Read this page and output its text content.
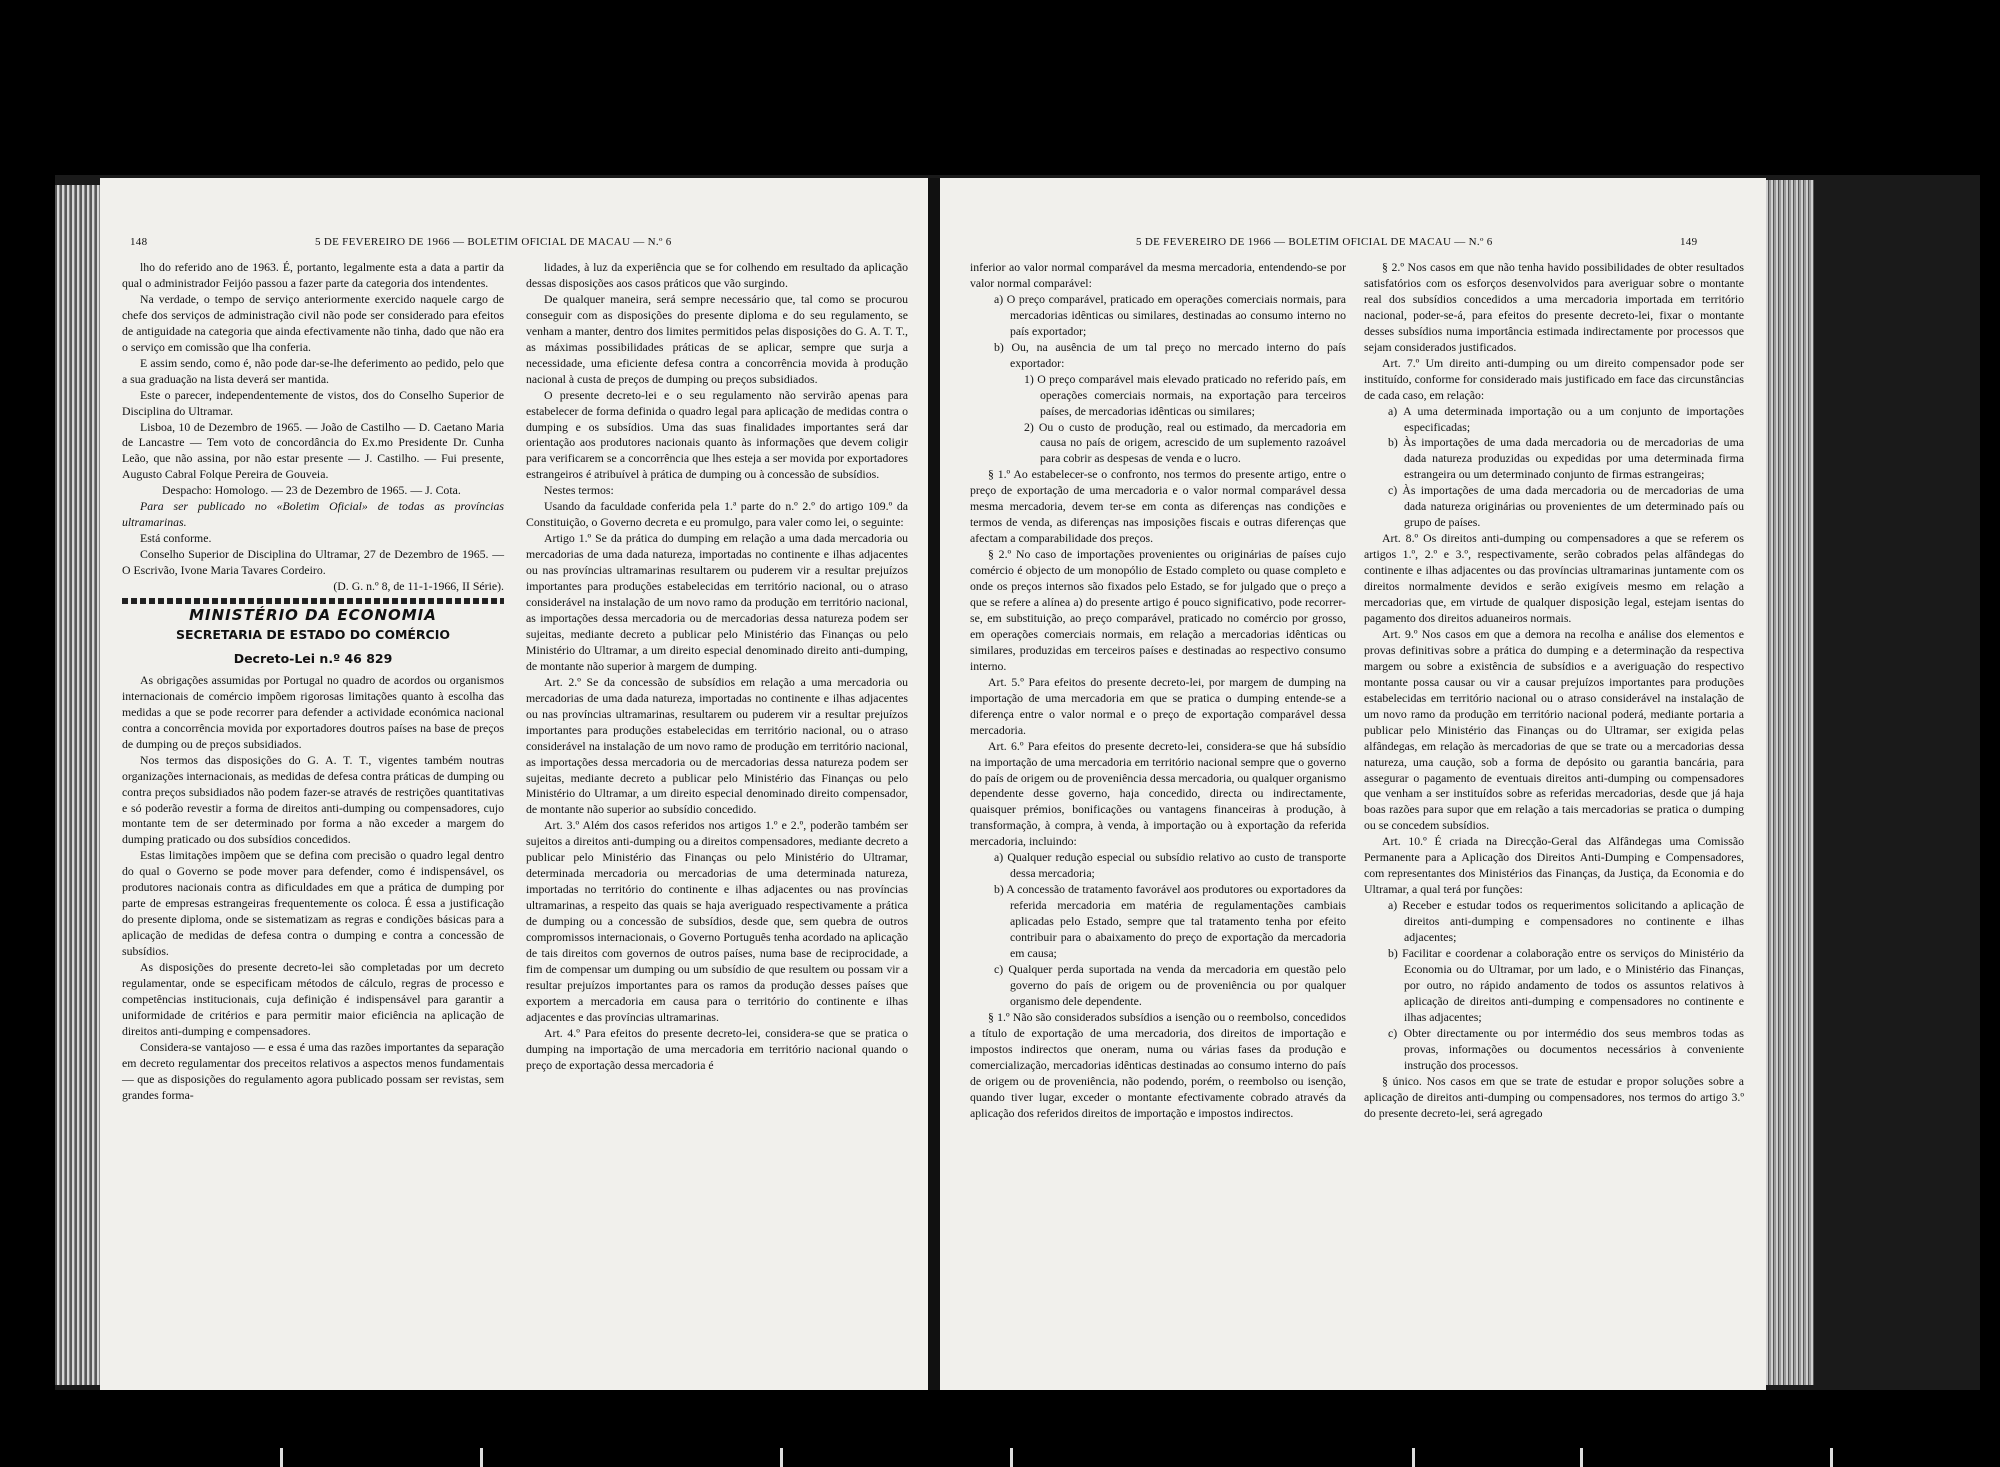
148	5 DE FEVEREIRO DE 1966 — BOLETIM OFICIAL DE MACAU — N.º 6

lho do referido ano de 1963. É, portanto, legalmente esta a data a partir da qual o administrador Feijóo passou a fazer parte da categoria dos intendentes.

Na verdade, o tempo de serviço anteriormente exercido naquele cargo de chefe dos serviços de administração civil não pode ser considerado para efeitos de antiguidade na categoria que ainda efectivamente não tinha, dado que não era o serviço em comissão que lha conferia.

E assim sendo, como é, não pode dar-se-lhe deferimento ao pedido, pelo que a sua graduação na lista deverá ser mantida.

Este o parecer, independentemente de vistos, dos do Conselho Superior de Disciplina do Ultramar.

Lisboa, 10 de Dezembro de 1965. — João de Castilho — D. Caetano Maria de Lancastre — Tem voto de concordância do Ex.mo Presidente Dr. Cunha Leão, que não assina, por não estar presente — J. Castilho. — Fui presente, Augusto Cabral Folque Pereira de Gouveia.

Despacho: Homologo. — 23 de Dezembro de 1965. — J. Cota.

Para ser publicado no «Boletim Oficial» de todas as províncias ultramarinas.

Está conforme.

Conselho Superior de Disciplina do Ultramar, 27 de Dezembro de 1965. — O Escrivão, Ivone Maria Tavares Cordeiro.

(D. G. n.º 8, de 11-1-1966, II Série).

MINISTÉRIO DA ECONOMIA
SECRETARIA DE ESTADO DO COMÉRCIO
Decreto-Lei n.º 46 829

As obrigações assumidas por Portugal no quadro de acordos ou organismos internacionais de comércio impõem rigorosas limitações quanto à escolha das medidas a que se pode recorrer para defender a actividade económica nacional contra a concorrência movida por exportadores doutros países na base de preços de dumping ou de preços subsidiados.

Nos termos das disposições do G. A. T. T., vigentes também noutras organizações internacionais, as medidas de defesa contra práticas de dumping ou contra preços subsidiados não podem fazer-se através de restrições quantitativas e só poderão revestir a forma de direitos anti-dumping ou compensadores, cujo montante tem de ser determinado por forma a não exceder a margem do dumping praticado ou dos subsídios concedidos.

Estas limitações impõem que se defina com precisão o quadro legal dentro do qual o Governo se pode mover para defender, como é indispensável, os produtores nacionais contra as dificuldades em que a prática de dumping por parte de empresas estrangeiras frequentemente os coloca. É essa a justificação do presente diploma, onde se sistematizam as regras e condições básicas para a aplicação de medidas de defesa contra o dumping e contra a concessão de subsídios.

As disposições do presente decreto-lei são completadas por um decreto regulamentar, onde se especificam métodos de cálculo, regras de processo e competências institucionais, cuja definição é indispensável para garantir a uniformidade de critérios e para permitir maior eficiência na aplicação de direitos anti-dumping e compensadores.

Considera-se vantajoso — e essa é uma das razões importantes da separação em decreto regulamentar dos preceitos relativos a aspectos menos fundamentais — que as disposições do regulamento agora publicado possam ser revistas, sem grandes forma-

lidades, à luz da experiência que se for colhendo em resultado da aplicação dessas disposições aos casos práticos que vão surgindo.

De qualquer maneira, será sempre necessário que, tal como se procurou conseguir com as disposições do presente diploma e do seu regulamento, se venham a manter, dentro dos limites permitidos pelas disposições do G. A. T. T., as máximas possibilidades práticas de se aplicar, sempre que surja a necessidade, uma eficiente defesa contra a concorrência movida à produção nacional à custa de preços de dumping ou preços subsidiados.

O presente decreto-lei e o seu regulamento não servirão apenas para estabelecer de forma definida o quadro legal para aplicação de medidas contra o dumping e os subsídios. Uma das suas finalidades importantes será dar orientação aos produtores nacionais quanto às informações que devem coligir para verificarem se a concorrência que lhes esteja a ser movida por exportadores estrangeiros é atribuível à prática de dumping ou à concessão de subsídios.

Nestes termos:

Usando da faculdade conferida pela 1.ª parte do n.º 2.º do artigo 109.º da Constituição, o Governo decreta e eu promulgo, para valer como lei, o seguinte:

Artigo 1.º Se da prática do dumping em relação a uma dada mercadoria ou mercadorias de uma dada natureza, importadas no continente e ilhas adjacentes ou nas províncias ultramarinas resultarem ou puderem vir a resultar prejuízos importantes para produções estabelecidas em território nacional, ou o atraso considerável na instalação de um novo ramo da produção em território nacional, as importações dessa mercadoria ou de mercadorias dessa natureza podem ser sujeitas, mediante decreto a publicar pelo Ministério das Finanças ou pelo Ministério do Ultramar, a um direito especial denominado direito anti-dumping, de montante não superior à margem de dumping.

Art. 2.º Se da concessão de subsídios em relação a uma mercadoria ou mercadorias de uma dada natureza, importadas no continente e ilhas adjacentes ou nas províncias ultramarinas, resultarem ou puderem vir a resultar prejuízos importantes para produções estabelecidas em território nacional, ou o atraso considerável na instalação de um novo ramo de produção em território nacional, as importações dessa mercadoria ou de mercadorias dessa natureza podem ser sujeitas, mediante decreto a publicar pelo Ministério das Finanças ou pelo Ministério do Ultramar, a um direito especial denominado direito compensador, de montante não superior ao subsídio concedido.

Art. 3.º Além dos casos referidos nos artigos 1.º e 2.º, poderão também ser sujeitos a direitos anti-dumping ou a direitos compensadores, mediante decreto a publicar pelo Ministério das Finanças ou pelo Ministério do Ultramar, determinada mercadoria ou mercadorias de uma determinada natureza, importadas no território do continente e ilhas adjacentes ou nas províncias ultramarinas, a respeito das quais se haja averiguado respectivamente a prática de dumping ou a concessão de subsídios, desde que, sem quebra de outros compromissos internacionais, o Governo Português tenha acordado na aplicação de tais direitos com governos de outros países, numa base de reciprocidade, a fim de compensar um dumping ou um subsídio de que resultem ou possam vir a resultar prejuízos importantes para os ramos da produção desses países que exportem a mercadoria em causa para o território do continente e ilhas adjacentes e das províncias ultramarinas.

Art. 4.º Para efeitos do presente decreto-lei, considera-se que se pratica o dumping na importação de uma mercadoria em território nacional quando o preço de exportação dessa mercadoria é

5 DE FEVEREIRO DE 1966 — BOLETIM OFICIAL DE MACAU — N.º 6	149

inferior ao valor normal comparável da mesma mercadoria, entendendo-se por valor normal comparável:

a) O preço comparável, praticado em operações comerciais normais, para mercadorias idênticas ou similares, destinadas ao consumo interno no país exportador;

b) Ou, na ausência de um tal preço no mercado interno do país exportador:

1) O preço comparável mais elevado praticado no referido país, em operações comerciais normais, na exportação para terceiros países, de mercadorias idênticas ou similares;

2) Ou o custo de produção, real ou estimado, da mercadoria em causa no país de origem, acrescido de um suplemento razoável para cobrir as despesas de venda e o lucro.

§ 1.º Ao estabelecer-se o confronto, nos termos do presente artigo, entre o preço de exportação de uma mercadoria e o valor normal comparável dessa mesma mercadoria, devem ter-se em conta as diferenças nas condições e termos de venda, as diferenças nas imposições fiscais e outras diferenças que afectam a comparabilidade dos preços.

§ 2.º No caso de importações provenientes ou originárias de países cujo comércio é objecto de um monopólio de Estado completo ou quase completo e onde os preços internos são fixados pelo Estado, se for julgado que o preço a que se refere a alínea a) do presente artigo é pouco significativo, pode recorrer-se, em substituição, ao preço comparável, praticado no comércio por grosso, em operações comerciais normais, em relação a mercadorias idênticas ou similares, produzidas em terceiros países e destinadas ao respectivo consumo interno.

Art. 5.º Para efeitos do presente decreto-lei, por margem de dumping na importação de uma mercadoria em que se pratica o dumping entende-se a diferença entre o valor normal e o preço de exportação comparável dessa mercadoria.

Art. 6.º Para efeitos do presente decreto-lei, considera-se que há subsídio na importação de uma mercadoria em território nacional sempre que o governo do país de origem ou de proveniência dessa mercadoria, ou qualquer organismo dependente desse governo, haja concedido, directa ou indirectamente, quaisquer prémios, bonificações ou vantagens financeiras à produção, à transformação, à compra, à venda, à importação ou à exportação da referida mercadoria, incluindo:

a) Qualquer redução especial ou subsídio relativo ao custo de transporte dessa mercadoria;

b) A concessão de tratamento favorável aos produtores ou exportadores da referida mercadoria em matéria de regulamentações cambiais aplicadas pelo Estado, sempre que tal tratamento tenha por efeito contribuir para o abaixamento do preço de exportação da mercadoria em causa;

c) Qualquer perda suportada na venda da mercadoria em questão pelo governo do país de origem ou de proveniência ou por qualquer organismo dele dependente.

§ 1.º Não são considerados subsídios a isenção ou o reembolso, concedidos a título de exportação de uma mercadoria, dos direitos de importação e impostos indirectos que oneram, numa ou várias fases da produção e comercialização, mercadorias idênticas destinadas ao consumo interno do país de origem ou de proveniência, não podendo, porém, o reembolso ou isenção, quando tiver lugar, exceder o montante efectivamente cobrado através da aplicação dos referidos direitos de importação e impostos indirectos.

§ 2.º Nos casos em que não tenha havido possibilidades de obter resultados satisfatórios com os esforços desenvolvidos para averiguar sobre o montante real dos subsídios concedidos a uma mercadoria importada em território nacional, poder-se-á, para efeitos do presente decreto-lei, fixar o montante desses subsídios numa importância estimada indirectamente por processos que sejam considerados justificados.

Art. 7.º Um direito anti-dumping ou um direito compensador pode ser instituído, conforme for considerado mais justificado em face das circunstâncias de cada caso, em relação:

a) A uma determinada importação ou a um conjunto de importações especificadas;

b) Às importações de uma dada mercadoria ou de mercadorias de uma dada natureza produzidas ou expedidas por uma determinada firma estrangeira ou um determinado conjunto de firmas estrangeiras;

c) Às importações de uma dada mercadoria ou de mercadorias de uma dada natureza originárias ou provenientes de um determinado país ou grupo de países.

Art. 8.º Os direitos anti-dumping ou compensadores a que se referem os artigos 1.º, 2.º e 3.º, respectivamente, serão cobrados pelas alfândegas do continente e ilhas adjacentes ou das províncias ultramarinas juntamente com os direitos normalmente devidos e serão exigíveis mesmo em relação a mercadorias que, em virtude de qualquer disposição legal, estejam isentas do pagamento dos direitos aduaneiros normais.

Art. 9.º Nos casos em que a demora na recolha e análise dos elementos e provas definitivas sobre a prática do dumping e a determinação da respectiva margem ou sobre a existência de subsídios e a averiguação do respectivo montante possa causar ou vir a causar prejuízos importantes para produções estabelecidas em território nacional ou o atraso considerável na instalação de um novo ramo da produção em território nacional poderá, mediante portaria a publicar pelo Ministério das Finanças ou do Ultramar, ser exigida pelas alfândegas, em relação às mercadorias de que se trate ou a mercadorias dessa natureza, uma caução, sob a forma de depósito ou garantia bancária, para assegurar o pagamento de eventuais direitos anti-dumping ou compensadores que venham a ser instituídos sobre as referidas mercadorias, desde que já haja boas razões para supor que em relação a tais mercadorias se pratica o dumping ou se concedem subsídios.

Art. 10.º É criada na Direcção-Geral das Alfândegas uma Comissão Permanente para a Aplicação dos Direitos Anti-Dumping e Compensadores, com representantes dos Ministérios das Finanças, da Justiça, da Economia e do Ultramar, a qual terá por funções:

a) Receber e estudar todos os requerimentos solicitando a aplicação de direitos anti-dumping e compensadores no continente e ilhas adjacentes;

b) Facilitar e coordenar a colaboração entre os serviços do Ministério da Economia ou do Ultramar, por um lado, e o Ministério das Finanças, por outro, no rápido andamento de todos os assuntos relativos à aplicação de direitos anti-dumping e compensadores no continente e ilhas adjacentes;

c) Obter directamente ou por intermédio dos seus membros todas as provas, informações ou documentos necessários à conveniente instrução dos processos.

§ único. Nos casos em que se trate de estudar e propor soluções sobre a aplicação de direitos anti-dumping ou compensadores, nos termos do artigo 3.º do presente decreto-lei, será agregado
